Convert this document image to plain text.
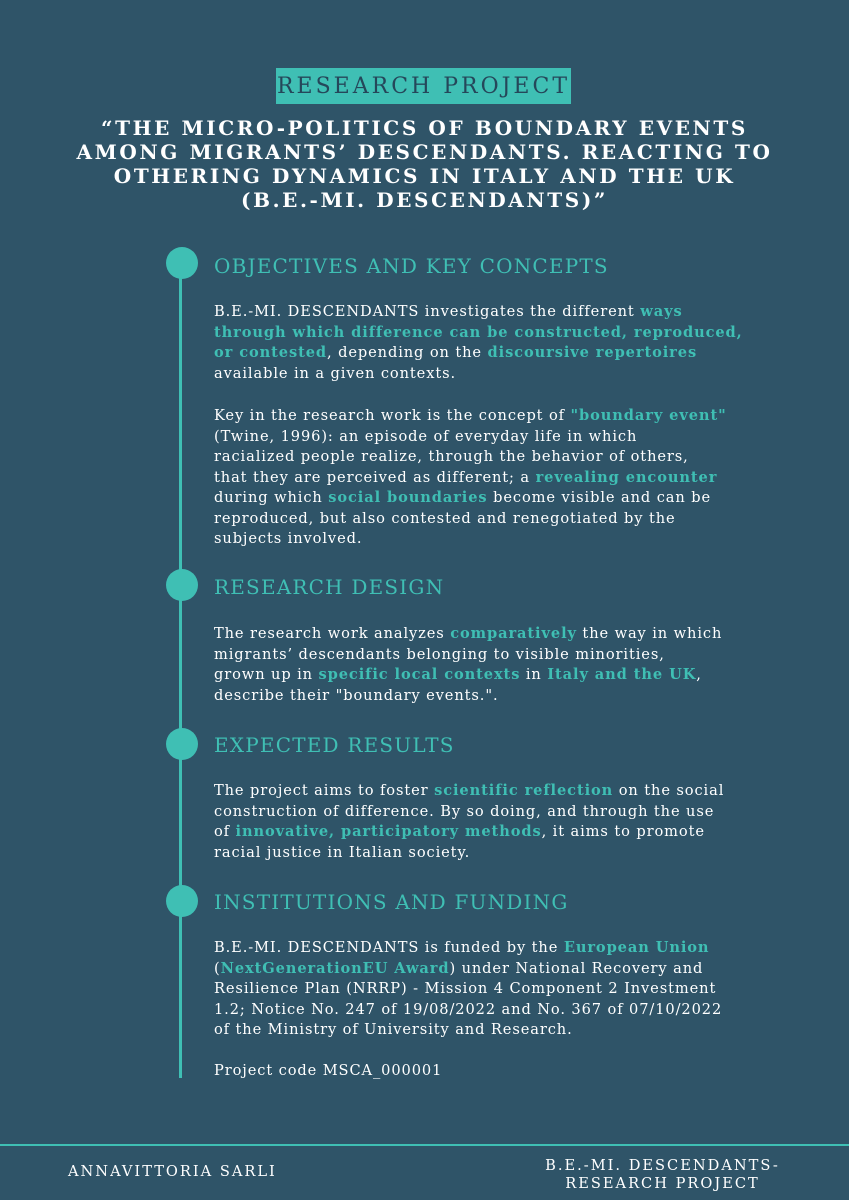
RESEARCH PROJECT
“THE MICRO-POLITICS OF BOUNDARY EVENTS
AMONG MIGRANTS’ DESCENDANTS. REACTING TO
OTHERING DYNAMICS IN ITALY AND THE UK
(B.E.-MI. DESCENDANTS)”
OBJECTIVES AND KEY CONCEPTS
B.E.-MI. DESCENDANTS investigates the different ways
through which difference can be constructed, reproduced,
or contested, depending on the discoursive repertoires
available in a given contexts.
Key in the research work is the concept of "boundary event"
(Twine, 1996): an episode of everyday life in which
racialized people realize, through the behavior of others,
that they are perceived as different; a revealing encounter
during which social boundaries become visible and can be
reproduced, but also contested and renegotiated by the
subjects involved.
RESEARCH DESIGN
The research work analyzes comparatively the way in which
migrants’ descendants belonging to visible minorities,
grown up in specific local contexts in Italy and the UK,
describe their "boundary events.".
EXPECTED RESULTS
The project aims to foster scientific reflection on the social
construction of difference. By so doing, and through the use
of innovative, participatory methods, it aims to promote
racial justice in Italian society.
INSTITUTIONS AND FUNDING
B.E.-MI. DESCENDANTS is funded by the European Union
(NextGenerationEU Award) under National Recovery and
Resilience Plan (NRRP) - Mission 4 Component 2 Investment
1.2; Notice No. 247 of 19/08/2022 and No. 367 of 07/10/2022
of the Ministry of University and Research.
Project code MSCA_000001
ANNAVITTORIA SARLI	B.E.-MI. DESCENDANTS-
RESEARCH PROJECT
